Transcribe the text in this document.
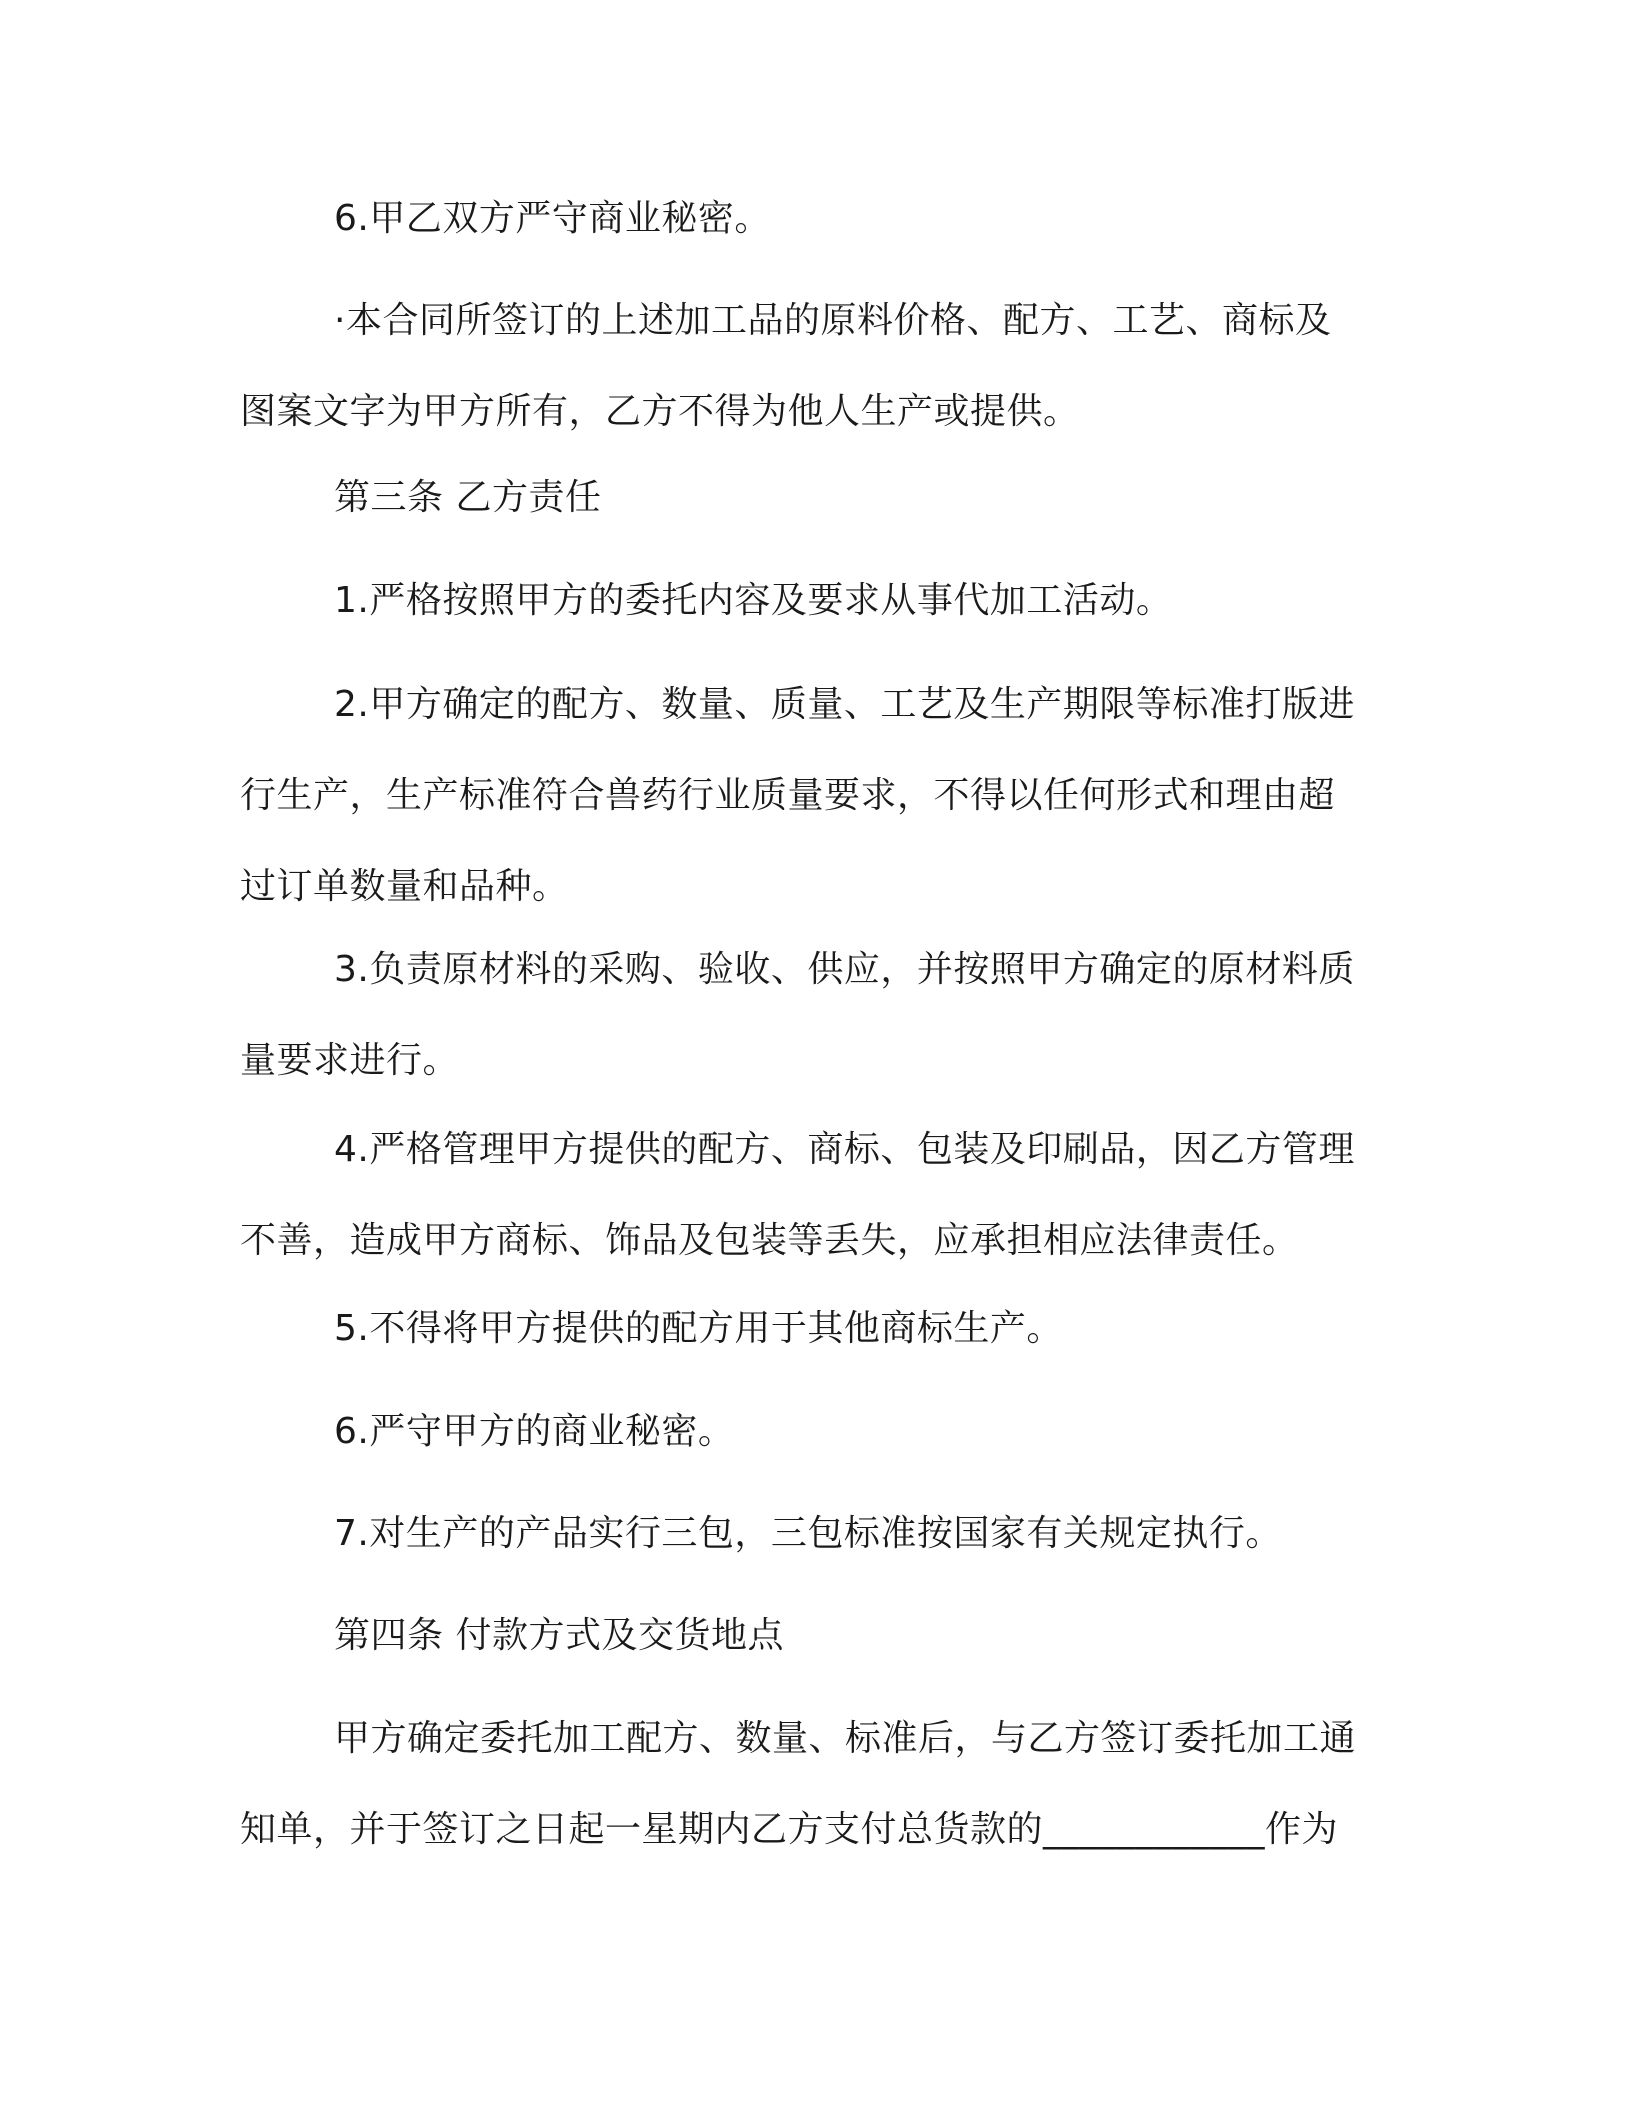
6.甲乙双方严守商业秘密。
·本合同所签订的上述加工品的原料价格、配方、工艺、商标及
图案文字为甲方所有，乙方不得为他人生产或提供。
第三条 乙方责任
1.严格按照甲方的委托内容及要求从事代加工活动。
2.甲方确定的配方、数量、质量、工艺及生产期限等标准打版进
行生产，生产标准符合兽药行业质量要求，不得以任何形式和理由超
过订单数量和品种。
3.负责原材料的采购、验收、供应，并按照甲方确定的原材料质
量要求进行。
4.严格管理甲方提供的配方、商标、包装及印刷品，因乙方管理
不善，造成甲方商标、饰品及包装等丢失，应承担相应法律责任。
5.不得将甲方提供的配方用于其他商标生产。
6.严守甲方的商业秘密。
7.对生产的产品实行三包，三包标准按国家有关规定执行。
第四条 付款方式及交货地点
甲方确定委托加工配方、数量、标准后，与乙方签订委托加工通
知单，并于签订之日起一星期内乙方支付总货款的____________作为
